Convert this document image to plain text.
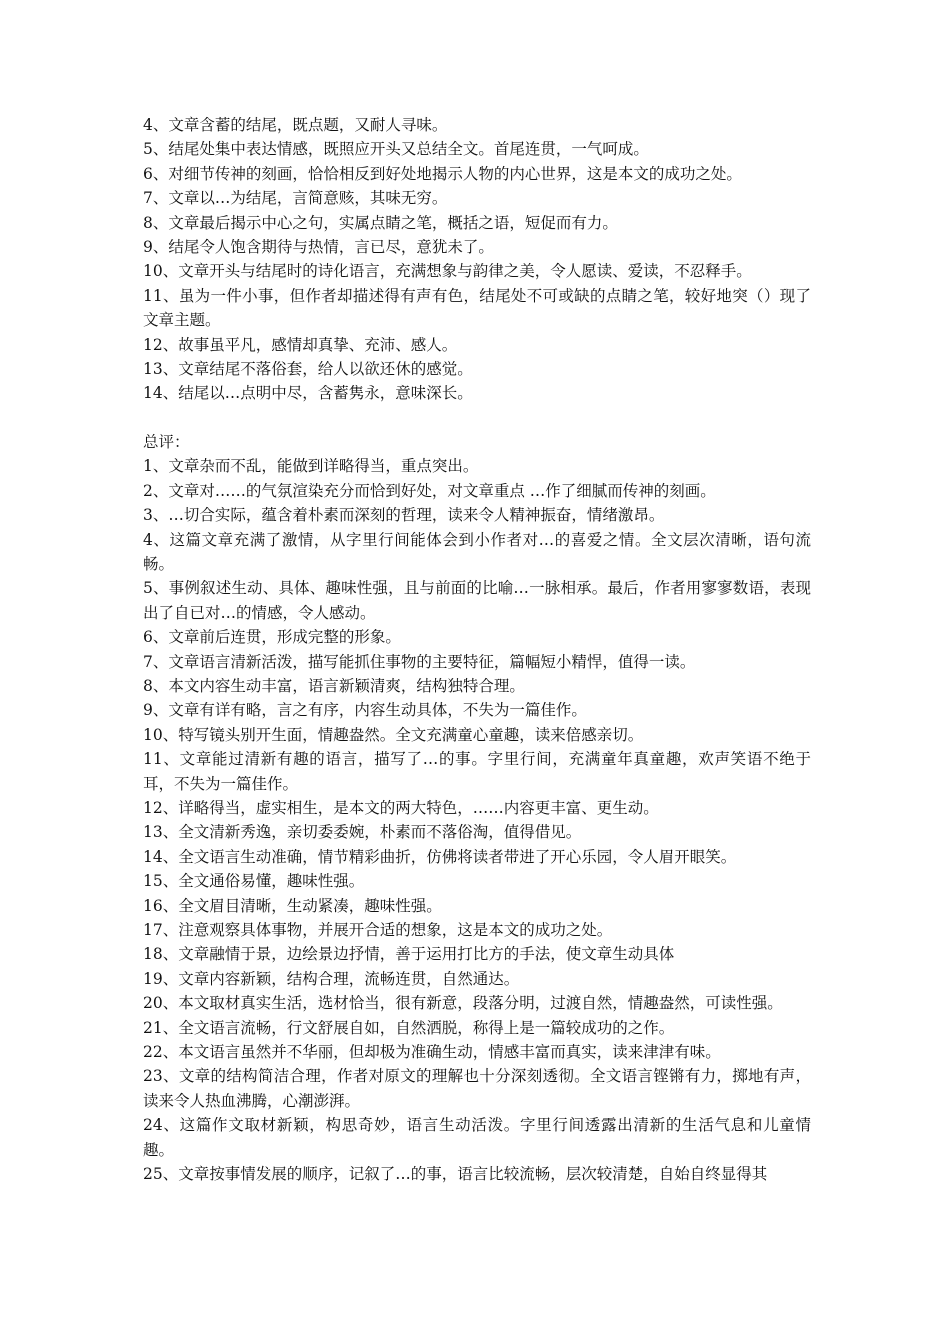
4、文章含蓄的结尾，既点题，又耐人寻味。

5、结尾处集中表达情感，既照应开头又总结全文。首尾连贯，一气呵成。

6、对细节传神的刻画，恰恰相反到好处地揭示人物的内心世界，这是本文的成功之处。

7、文章以…为结尾，言简意赅，其味无穷。

8、文章最后揭示中心之句，实属点睛之笔，概括之语，短促而有力。

9、结尾令人饱含期待与热情，言已尽，意犹未了。

10、文章开头与结尾时的诗化语言，充满想象与韵律之美，令人愿读、爱读，不忍释手。

11、虽为一件小事，但作者却描述得有声有色，结尾处不可或缺的点睛之笔，较好地突（）现了文章主题。

12、故事虽平凡，感情却真挚、充沛、感人。

13、文章结尾不落俗套，给人以欲还休的感觉。

14、结尾以…点明中尽，含蓄隽永，意味深长。

总评：

1、文章杂而不乱，能做到详略得当，重点突出。

2、文章对……的气氛渲染充分而恰到好处，对文章重点 …作了细腻而传神的刻画。

3、…切合实际，蕴含着朴素而深刻的哲理，读来令人精神振奋，情绪激昂。

4、这篇文章充满了激情，从字里行间能体会到小作者对…的喜爱之情。全文层次清晰，语句流畅。

5、事例叙述生动、具体、趣味性强，且与前面的比喻…一脉相承。最后，作者用寥寥数语，表现出了自已对…的情感，令人感动。

6、文章前后连贯，形成完整的形象。

7、文章语言清新活泼，描写能抓住事物的主要特征，篇幅短小精悍，值得一读。

8、本文内容生动丰富，语言新颖清爽，结构独特合理。

9、文章有详有略，言之有序，内容生动具体，不失为一篇佳作。

10、特写镜头别开生面，情趣盎然。全文充满童心童趣，读来倍感亲切。

11、文章能过清新有趣的语言，描写了…的事。字里行间，充满童年真童趣，欢声笑语不绝于耳，不失为一篇佳作。

12、详略得当，虚实相生，是本文的两大特色，……内容更丰富、更生动。

13、全文清新秀逸，亲切委委婉，朴素而不落俗淘，值得借见。

14、全文语言生动准确，情节精彩曲折，仿佛将读者带进了开心乐园，令人眉开眼笑。

15、全文通俗易懂，趣味性强。

16、全文眉目清晰，生动紧凑，趣味性强。

17、注意观察具体事物，并展开合适的想象，这是本文的成功之处。

18、文章融情于景，边绘景边抒情，善于运用打比方的手法，使文章生动具体

19、文章内容新颖，结构合理，流畅连贯，自然通达。

20、本文取材真实生活，选材恰当，很有新意，段落分明，过渡自然，情趣盎然，可读性强。

21、全文语言流畅，行文舒展自如，自然洒脱，称得上是一篇较成功的之作。

22、本文语言虽然并不华丽，但却极为准确生动，情感丰富而真实，读来津津有味。

23、文章的结构简洁合理，作者对原文的理解也十分深刻透彻。全文语言铿锵有力，掷地有声，读来令人热血沸腾，心潮澎湃。

24、这篇作文取材新颖，构思奇妙，语言生动活泼。字里行间透露出清新的生活气息和儿童情趣。

25、文章按事情发展的顺序，记叙了…的事，语言比较流畅，层次较清楚，自始自终显得其
